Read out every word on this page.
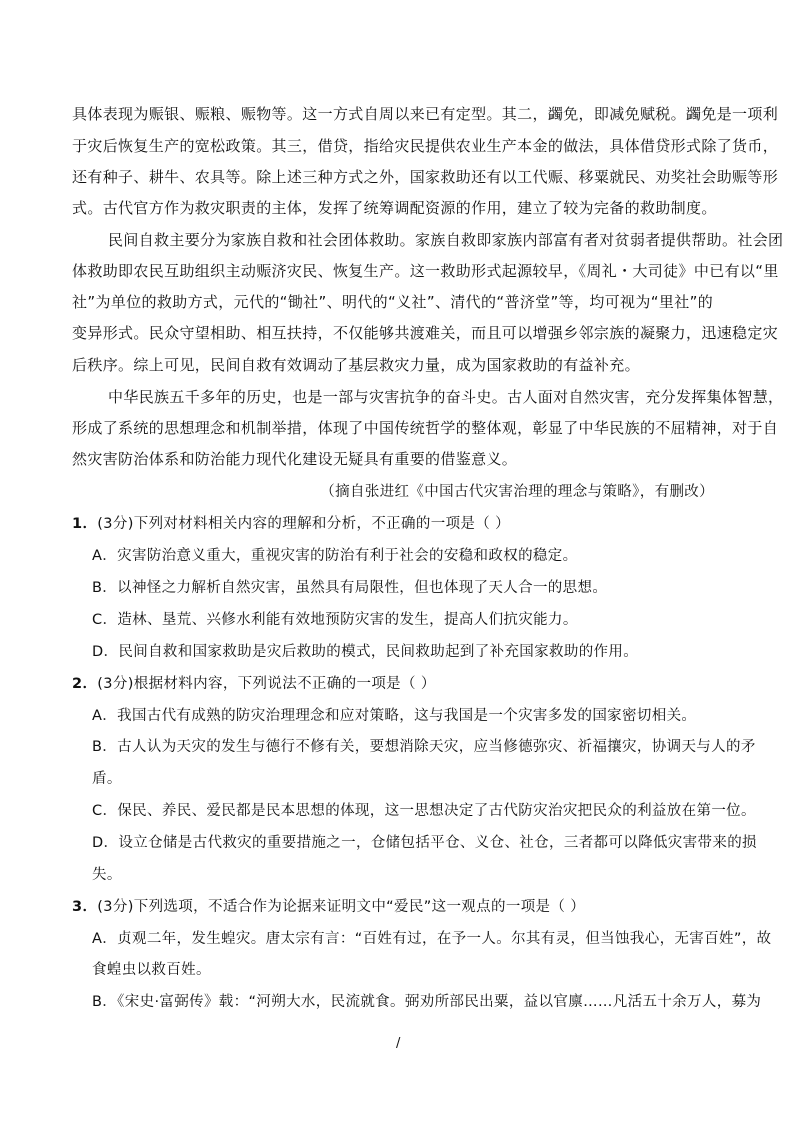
具体表现为赈银、赈粮、赈物等。这一方式自周以来已有定型。其二，蠲免，即减免赋税。蠲免是一项利
于灾后恢复生产的宽松政策。其三，借贷，指给灾民提供农业生产本金的做法，具体借贷形式除了货币，
还有种子、耕牛、农具等。除上述三种方式之外，国家救助还有以工代赈、移粟就民、劝奖社会助赈等形
式。古代官方作为救灾职责的主体，发挥了统筹调配资源的作用，建立了较为完备的救助制度。
民间自救主要分为家族自救和社会团体救助。家族自救即家族内部富有者对贫弱者提供帮助。社会团
体救助即农民互助组织主动赈济灾民、恢复生产。这一救助形式起源较早，《周礼・大司徒》中已有以“里
社”为单位的救助方式，元代的“锄社”、明代的“义社”、清代的“普济堂”等，均可视为“里社”的
变异形式。民众守望相助、相互扶持，不仅能够共渡难关，而且可以增强乡邻宗族的凝聚力，迅速稳定灾
后秩序。综上可见，民间自救有效调动了基层救灾力量，成为国家救助的有益补充。
中华民族五千多年的历史，也是一部与灾害抗争的奋斗史。古人面对自然灾害，充分发挥集体智慧，
形成了系统的思想理念和机制举措，体现了中国传统哲学的整体观，彰显了中华民族的不屈精神，对于自
然灾害防治体系和防治能力现代化建设无疑具有重要的借鉴意义。
（摘自张进红《中国古代灾害治理的理念与策略》，有删改）
1．(3分)下列对材料相关内容的理解和分析，不正确的一项是（ ）
A．灾害防治意义重大，重视灾害的防治有利于社会的安稳和政权的稳定。
B．以神怪之力解析自然灾害，虽然具有局限性，但也体现了天人合一的思想。
C．造林、垦荒、兴修水利能有效地预防灾害的发生，提高人们抗灾能力。
D．民间自救和国家救助是灾后救助的模式，民间救助起到了补充国家救助的作用。
2．(3分)根据材料内容，下列说法不正确的一项是（ ）
A．我国古代有成熟的防灾治理理念和应对策略，这与我国是一个灾害多发的国家密切相关。
B．古人认为天灾的发生与德行不修有关，要想消除天灾，应当修德弥灾、祈福攘灾，协调天与人的矛
盾。
C．保民、养民、爱民都是民本思想的体现，这一思想决定了古代防灾治灾把民众的利益放在第一位。
D．设立仓储是古代救灾的重要措施之一，仓储包括平仓、义仓、社仓，三者都可以降低灾害带来的损
失。
3．(3分)下列选项，不适合作为论据来证明文中“爱民”这一观点的一项是（ ）
A．贞观二年，发生蝗灾。唐太宗有言：“百姓有过，在予一人。尔其有灵，但当蚀我心，无害百姓”，故
食蝗虫以救百姓。
B．《宋史·富弼传》载：“河朔大水，民流就食。弼劝所部民出粟，益以官廪……凡活五十余万人，募为
/
